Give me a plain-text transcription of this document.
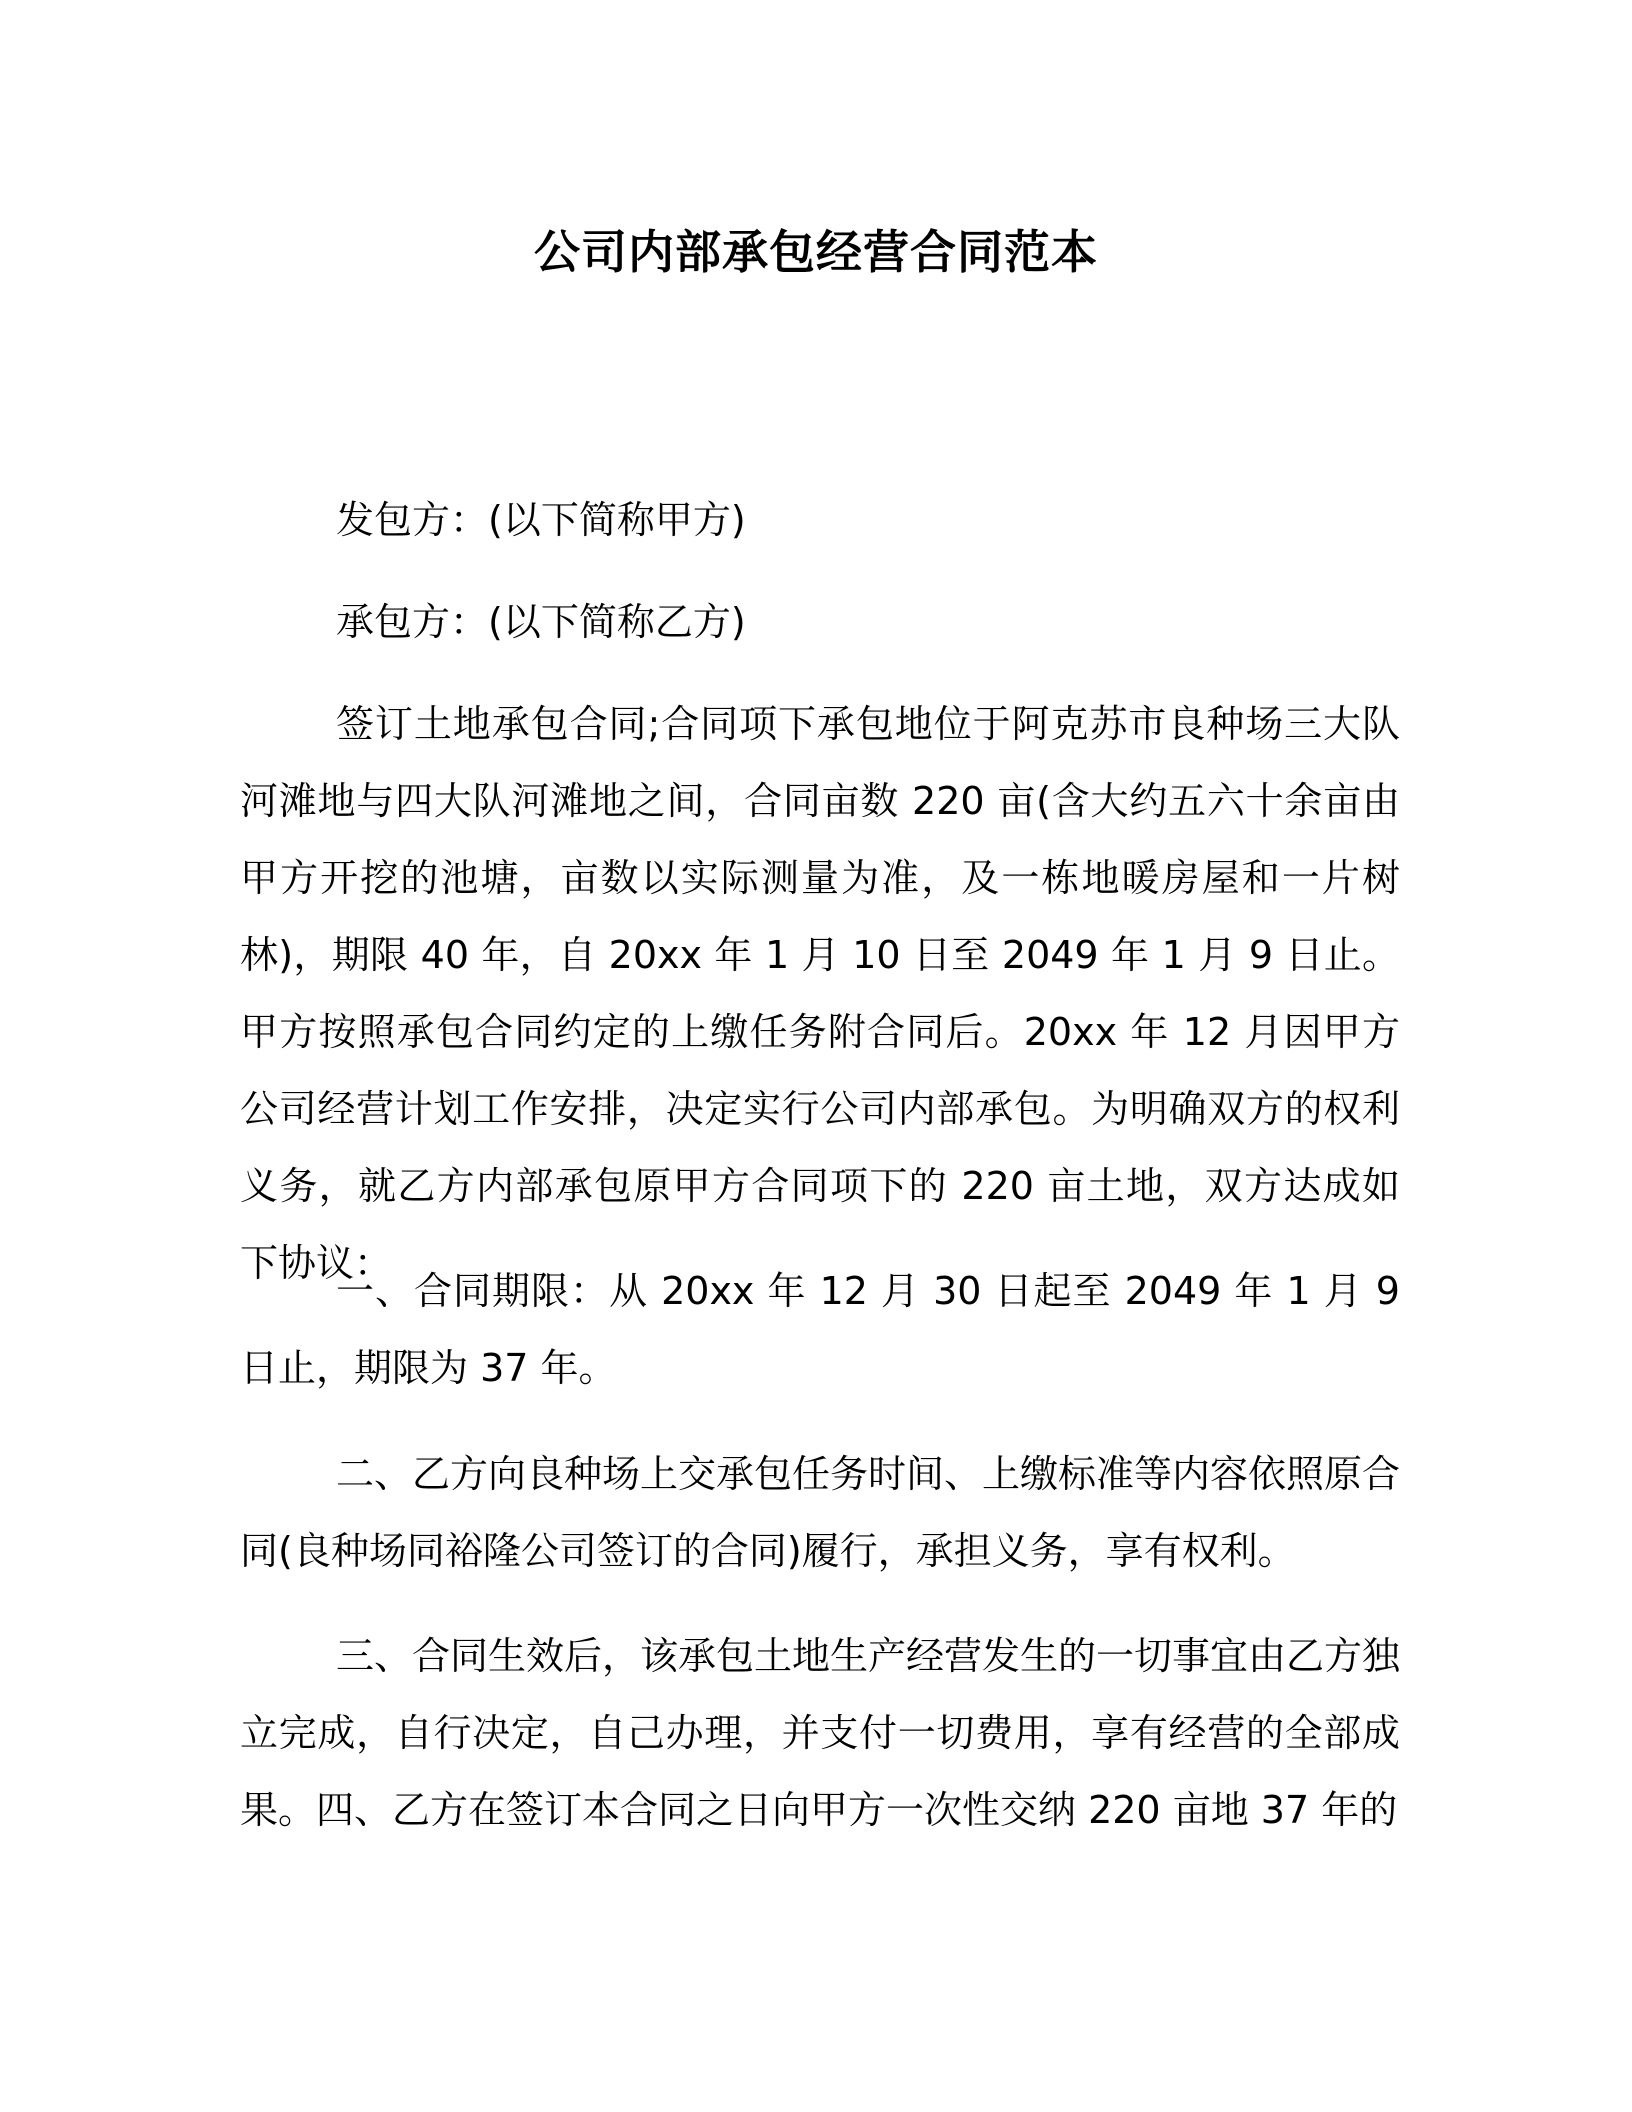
公司内部承包经营合同范本

发包方：(以下简称甲方)

承包方：(以下简称乙方)

签订土地承包合同;合同项下承包地位于阿克苏市良种场三大队河滩地与四大队河滩地之间，合同亩数 220 亩(含大约五六十余亩由甲方开挖的池塘，亩数以实际测量为准，及一栋地暖房屋和一片树林)，期限 40 年，自 20xx 年 1 月 10 日至 2049 年 1 月 9 日止。甲方按照承包合同约定的上缴任务附合同后。20xx 年 12 月因甲方公司经营计划工作安排，决定实行公司内部承包。为明确双方的权利义务，就乙方内部承包原甲方合同项下的 220 亩土地，双方达成如下协议：

一、合同期限：从 20xx 年 12 月 30 日起至 2049 年 1 月 9 日止，期限为 37 年。

二、乙方向良种场上交承包任务时间、上缴标准等内容依照原合同(良种场同裕隆公司签订的合同)履行，承担义务，享有权利。

三、合同生效后，该承包土地生产经营发生的一切事宜由乙方独立完成，自行决定，自己办理，并支付一切费用，享有经营的全部成果。四、乙方在签订本合同之日向甲方一次性交纳 220 亩地 37 年的
